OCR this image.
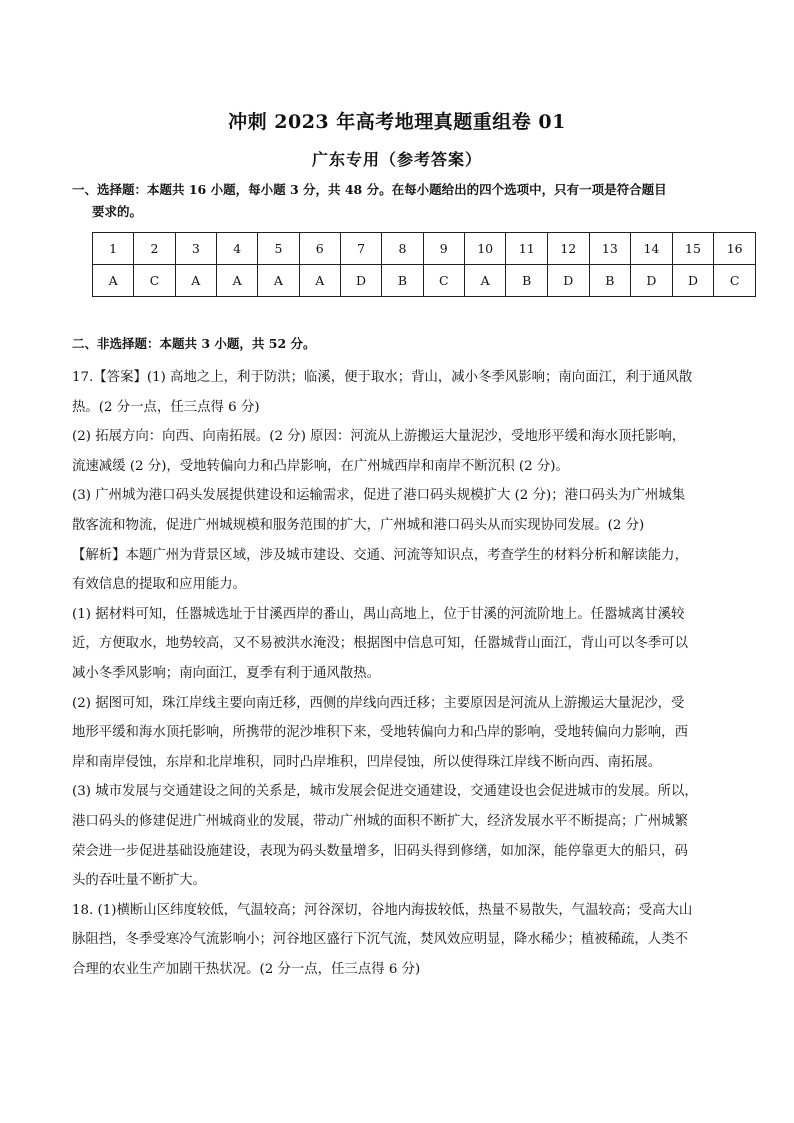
冲刺 2023 年高考地理真题重组卷 01
广东专用（参考答案）
一、选择题：本题共 16 小题，每小题 3 分，共 48 分。在每小题给出的四个选项中，只有一项是符合题目
要求的。
1	2	3	4	5	6	7	8	9	10	11	12	13	14	15	16
A	C	A	A	A	A	D	B	C	A	B	D	B	D	D	C
二、非选择题：本题共 3 小题，共 52 分。

17.【答案】(1) 高地之上，利于防洪；临溪，便于取水；背山，减小冬季风影响；南向面江，利于通风散

热。(2 分一点，任三点得 6 分)

(2) 拓展方向：向西、向南拓展。(2 分) 原因：河流从上游搬运大量泥沙，受地形平缓和海水顶托影响，

流速减缓 (2 分)，受地转偏向力和凸岸影响，在广州城西岸和南岸不断沉积 (2 分)。

(3) 广州城为港口码头发展提供建设和运输需求，促进了港口码头规模扩大 (2 分)；港口码头为广州城集

散客流和物流，促进广州城规模和服务范围的扩大，广州城和港口码头从而实现协同发展。(2 分)

【解析】本题广州为背景区域，涉及城市建设、交通、河流等知识点，考查学生的材料分析和解读能力，

有效信息的提取和应用能力。

(1) 据材料可知，任嚣城选址于甘溪西岸的番山，禺山高地上，位于甘溪的河流阶地上。任嚣城离甘溪较

近，方便取水，地势较高，又不易被洪水淹没；根据图中信息可知，任嚣城背山面江，背山可以冬季可以

减小冬季风影响；南向面江，夏季有利于通风散热。

(2) 据图可知，珠江岸线主要向南迁移，西侧的岸线向西迁移；主要原因是河流从上游搬运大量泥沙，受

地形平缓和海水顶托影响，所携带的泥沙堆积下来，受地转偏向力和凸岸的影响，受地转偏向力影响，西

岸和南岸侵蚀，东岸和北岸堆积，同时凸岸堆积，凹岸侵蚀，所以使得珠江岸线不断向西、南拓展。

(3) 城市发展与交通建设之间的关系是，城市发展会促进交通建设，交通建设也会促进城市的发展。所以，

港口码头的修建促进广州城商业的发展，带动广州城的面积不断扩大，经济发展水平不断提高；广州城繁

荣会进一步促进基础设施建设，表现为码头数量增多，旧码头得到修缮，如加深，能停靠更大的船只，码

头的吞吐量不断扩大。

18. (1)横断山区纬度较低，气温较高；河谷深切，谷地内海拔较低，热量不易散失，气温较高；受高大山

脉阻挡，冬季受寒冷气流影响小；河谷地区盛行下沉气流，焚风效应明显，降水稀少；植被稀疏，人类不

合理的农业生产加剧干热状况。(2 分一点，任三点得 6 分)
